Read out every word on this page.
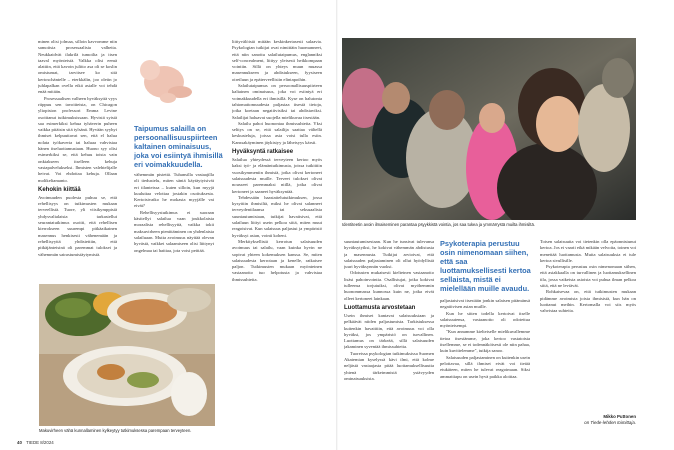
minen olisi jolmaa, silloin kavvomme niin samoitsia prosessaalisia valheita. Neukkaidvät ilakrilä tumoilta ja itsen taaval myönteistä. Valkka olisi eemä alattiin, että kavoin julitto asa oli se koslin omistumat, tarvitsee ko sitä kertoschäntelle – eterkkälin, joo oletin jo juhlapalkan ovella eikä asialle voi tehdä enää mitään.

Prosessaalisen valheen hyväksyttä vyys riippuu sen tavoitteista, on Chicagon yliopiston professori Emma Levine osoittanut tutkimuksissaan. Hyvistä syistä saa esimerkiksi kehua tyhäverin puheen vaikka pitäisin sitä tylsänä. Hyvään syyhyi ihmiset kelpuuttavat sen, että el halua nolata työkaveria tai haluaa vahvistaa hänen itseluottamustaan. Huono syy olisi esimerkiksi se, että kehuu toista vain onkiakseen itselleen kehuja vastapalvelukseksi. Ihmisten valehtelijalle heivat. Voi ehdottaa kehuja. Ollaan molikeliamanto.

Kehokin kiittää

Avoimuuden puolesta puhuu se, että rehellisyys on tutkimusten mukaan terveellistä. Tuore, yli viisikymppisiä yhdysvaltalaisia tarkastellut seurantatutkimus osoitti, että rehellisen kierrokseen suurempi pitkäaikainen masennus henkisesti vähenemään ja rehellisyyttä yhdistettiin, että pitkäjänteisinä oli paremmat tulokset ja vähemmän sairastumistäytymistä.

Taipumus salailla on persoonallisuuspiirteen kaltainen ominaisuus, joka voi esiintyä ihmisillä eri voimakkuudella.

vähemmän pistettä. Tuhansilla vastaajilla oli tiedustelu, miten säntä käytäytyisivät eri tilanteissa – kuten silloin, kun myyjä kuuluttaa velottaa jostakin osoituksesta. Kertoisivatko he mokasta myyjälle vai eivät?

Rehellisyystutkimus ei suoraan käsitellyt salailua vaan joukkolaista moraalista rehellisyyttä, vaikka tokii maksuvirheen pienittäminen on yhdenlaista salailuaan. Mutta avoimuus näyttää olevan hyvästä, vaikkei salaamiseen olisi liittynyt ongelmaa tai haittaa, jota voisi peittää.

Makuvirheen vähä kunnallaminen kylkeytyy tutkimuksessa parempaan terveyteen.
40 TIEDE 8/2024

liittyvälöistä mitään keskinkertasesti salaavia. Psykologian tutkijat ovat nimittäin huomanneet, että niin sanottu salailutaipumus, englanniksi self-concealment, liittyy yleisesti heikkompaan vointiin. Sillä on yhteys muun muassa masennukseen ja ahdistukseen, fyysiseen oireiluun ja epäterveellisiin elintapoihin.

Salailutaipumus on persoonallisuuspiirteen kaltainen ominaisuus, joka voi esiintyä eri voimakkuudella eri ihmisillä. Kyse on halutonta tahtomattomuudesta paljastaa itsestä tietoja, jotka koetaan negatiivisiksi tai ahdistaviksi. Salailijat haluavat suojella mielikuvaa itsestään.

Salailu pahoi huonontaa ihmissuhteita. Yksi selitys on se, että salailija saattaa vältellä keskusteluja, joissa asia voisi tulla esiin. Kanssakäyminen jäykistyy ja läheisyys kärsii.

Hyväksyntä ratkaisee

Salailua yhteydessä terveyteen kertoo myös kaksi työ- ja elämäntutkimusta, joissa tutkittiin vuosikymmeniin ihmisiä, jotka olivat kertoneet salaisuudesta muille. Terveet tulokset olivat nousseet paremmaksi niillä, jotka olivat kertoneet ja saaneet hyväksyntää.

Tehdessään haastattelututkimuksen, jossa kysyttiin ihmisiltä, miksi he olivat salanneet terveydentilaansa tai seksuaalista suuntautumistaan, tutkijat havaitsivat, että salailuun liittyi usein pelkoa siitä, miten muut reagoisivat. Kun salaisuus paljastui ja ympäristö hyväksyi asian, vointi koheni.

Merkityksellistä kerrotun salaisuuden avoimuus tai salailu, vaan kuinka hyvin ne sopivat yhteen kokemuksen kanssa. Se, miten salaisuudesta kerrotaan ja kenelle, ratkaisee paljon. Tutkimusten mukaan myönteinen vastaanotto tuo helpotusta ja vahvistaa ihmissuhteita.

Identiteetin avoin ilmaiseminen parantaa psyykkistä vointia, jos saa tukea ja ymmärrystä muilta ihmisiltä.

suuntautumisestaan. Kun he tunsivat tulevansa hyväksytyiksi, he kokivat vähemmän ahdistusta ja masennusta. Tutkijat arvioivat, että salaisuuden paljastaminen oli ollut hyödyllistä juuri hyväksynnän vuoksi.

Odotusten mukaisesti kielteinen vastaanotto lisäsi pahoinvointia. Osallistujat, jotka kokivat tulleensa torjutuiksi, olivat myöhemmin huonommassa kunnossa kuin ne, jotka eivät olleet kertoneet lainkaan.

Luottamusta arvostetaan

Usein ihmiset kantavat salaisuuksiaan ja pelkäävät niiden paljastumista. Tarkistuksessa kuitenkin havaittiin, että avoimuus voi olla hyväksi, jos ympäristö on turvallinen. Luottamus on tärkeää, sillä salaisuuden jakaminen syventää ihmissuhteita.

Tuoreissa psykologian tutkimuksissa Suomen Akatemian kyselyssä kävi ilmi, että kolme neljästä vastaajasta pitää luottamuksellisuutta yhtenä tärkeimmistä ystävyyden ominaisuuksista.

Psykoterapia perustuu osin nimenomaan siihen, että saa luottamuksellisesti kertoa sellaista, mistä ei mielellään muille avaudu.

paljastaisivat itsestään jonkin salaisen pitämänsä negatiivisen asian muille.

Kun he sitten todella kertoivat itselle salaisuutensa, vastaanotto oli odotettua myönteisempi.

"Kun annamme kielteiselle mielikuvallemme tietoa itsestämme, joka kertoo vastatoista itsellemme, se ei todennäköisesti ole niin pahaa, kuin kuvittelemme", tutkija sanoo.

Salaisuuden paljastaminen on kuitenkin usein pelottavaa, sillä ihmiset eivät voi tietää etukäteen, miten he tulevat reagoimaan. Siksi ammattiapu on usein hyvä paikka aloittaa.

Toisen salaisuutta voi tietenkin olla epäonnistunut kertoa. Jos ei vaarii eikä mikään velvoita, toinen voi menettää luottamusta. Muita salaisuuksia ei tule kertoa sivullisille.

Psykoterapia perustuu osin nimenomaan siihen, että asiakkaalla on turvallinen ja luottamuksellinen tila, jossa vaikeista asioista voi puhua ilman pelkoa siitä, että ne leviävät.

Rohkaisevaa on, että tutkimusten mukaan pidämme avoimista joista ihmisistä, kun hän on luottanut meihin. Kertomalla voi siis myös vahvistaa suhteita.

Mikko Puttonen
on Tiede-lehden toimittaja.
